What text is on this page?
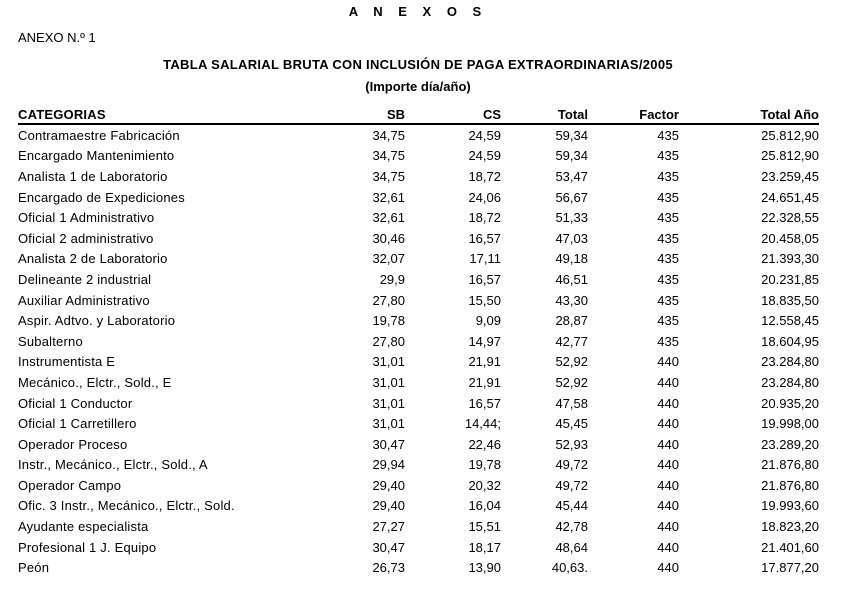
A N E X O S
ANEXO N.º 1
TABLA SALARIAL BRUTA CON INCLUSIÓN DE PAGA EXTRAORDINARIAS/2005
(Importe día/año)
CATEGORIAS	SB	CS	Total	Factor	Total Año
Contramaestre Fabricación	34,75	24,59	59,34	435	25.812,90
Encargado Mantenimiento	34,75	24,59	59,34	435	25.812,90
Analista 1 de Laboratorio	34,75	18,72	53,47	435	23.259,45
Encargado de Expediciones	32,61	24,06	56,67	435	24.651,45
Oficial 1 Administrativo	32,61	18,72	51,33	435	22.328,55
Oficial 2 administrativo	30,46	16,57	47,03	435	20.458,05
Analista 2 de Laboratorio	32,07	17,11	49,18	435	21.393,30
Delineante 2 industrial	29,9	16,57	46,51	435	20.231,85
Auxiliar Administrativo	27,80	15,50	43,30	435	18.835,50
Aspir. Adtvo. y Laboratorio	19,78	9,09	28,87	435	12.558,45
Subalterno	27,80	14,97	42,77	435	18.604,95
Instrumentista E	31,01	21,91	52,92	440	23.284,80
Mecánico., Elctr., Sold., E	31,01	21,91	52,92	440	23.284,80
Oficial 1 Conductor	31,01	16,57	47,58	440	20.935,20
Oficial 1 Carretillero	31,01	14,44;	45,45	440	19.998,00
Operador Proceso	30,47	22,46	52,93	440	23.289,20
Instr., Mecánico., Elctr., Sold., A	29,94	19,78	49,72	440	21.876,80
Operador Campo	29,40	20,32	49,72	440	21.876,80
Ofic. 3 Instr., Mecánico., Elctr., Sold.	29,40	16,04	45,44	440	19.993,60
Ayudante especialista	27,27	15,51	42,78	440	18.823,20
Profesional 1 J. Equipo	30,47	18,17	48,64	440	21.401,60
Peón	26,73	13,90	40,63.	440	17.877,20
